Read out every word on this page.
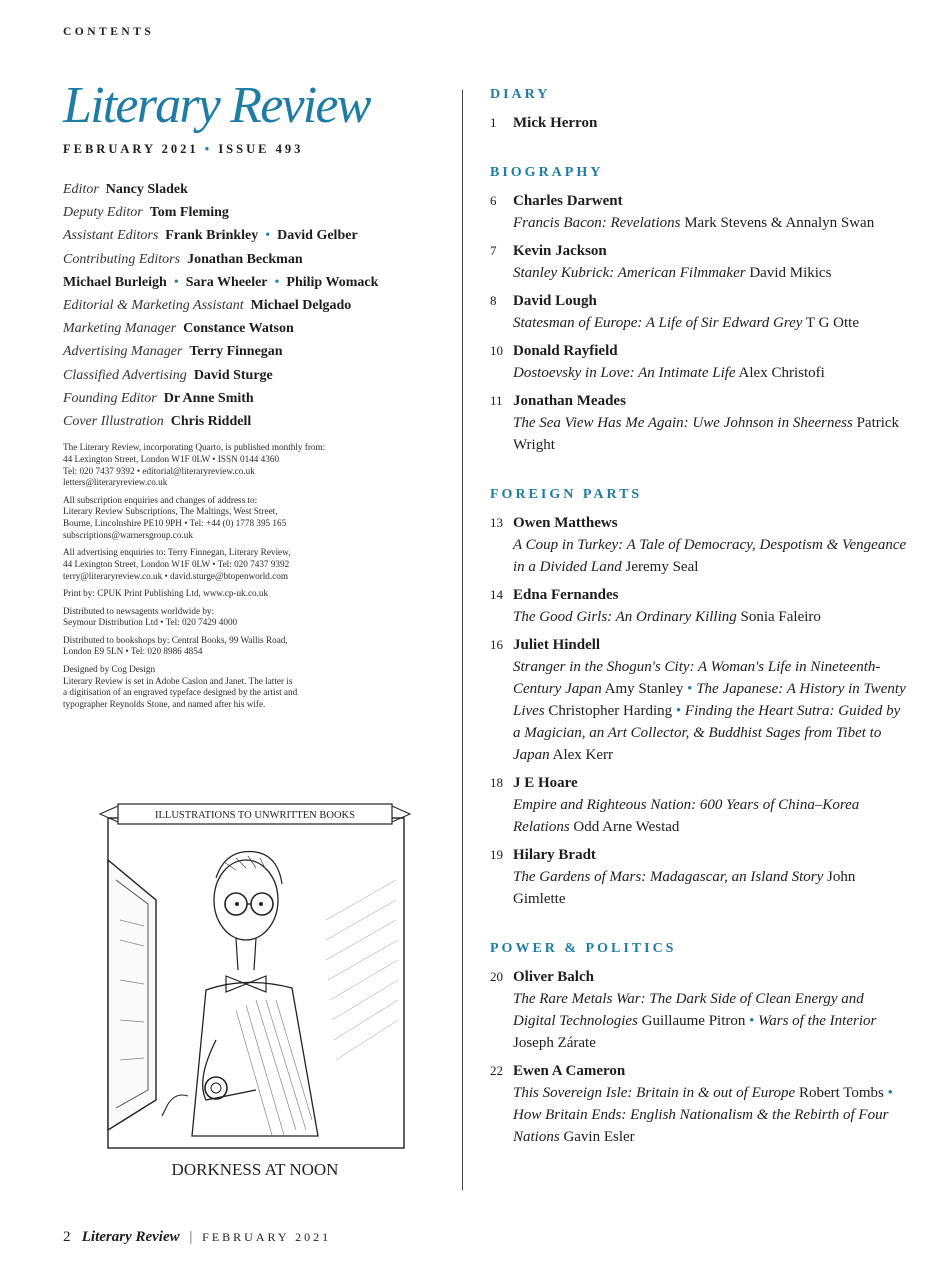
CONTENTS
Literary Review
FEBRUARY 2021 • ISSUE 493
Editor Nancy Sladek
Deputy Editor Tom Fleming
Assistant Editors Frank Brinkley  •  David Gelber
Contributing Editors Jonathan Beckman
Michael Burleigh  •  Sara Wheeler  •  Philip Womack
Editorial & Marketing Assistant Michael Delgado
Marketing Manager Constance Watson
Advertising Manager Terry Finnegan
Classified Advertising David Sturge
Founding Editor Dr Anne Smith
Cover Illustration Chris Riddell
The Literary Review, incorporating Quarto, is published monthly from:
44 Lexington Street, London W1F 0LW • ISSN 0144 4360
Tel: 020 7437 9392 • editorial@literaryreview.co.uk
letters@literaryreview.co.uk
All subscription enquiries and changes of address to:
Literary Review Subscriptions, The Maltings, West Street,
Bourne, Lincolnshire PE10 9PH • Tel: +44 (0) 1778 395 165
subscriptions@warnersgroup.co.uk
All advertising enquiries to: Terry Finnegan, Literary Review,
44 Lexington Street, London W1F 0LW • Tel: 020 7437 9392
terry@literaryreview.co.uk • david.sturge@btopenworld.com
Print by: CPUK Print Publishing Ltd, www.cp-uk.co.uk
Distributed to newsagents worldwide by:
Seymour Distribution Ltd • Tel: 020 7429 4000
Distributed to bookshops by: Central Books, 99 Wallis Road,
London E9 5LN • Tel: 020 8986 4854
Designed by Cog Design
Literary Review is set in Adobe Caslon and Janet. The latter is
a digitisation of an engraved typeface designed by the artist and
typographer Reynolds Stone, and named after his wife.
ILLUSTRATIONS TO UNWRITTEN BOOKS
DORKNESS AT NOON
DIARY
1 Mick Herron
BIOGRAPHY
6 Charles Darwent
Francis Bacon: Revelations Mark Stevens & Annalyn Swan
7 Kevin Jackson
Stanley Kubrick: American Filmmaker David Mikics
8 David Lough
Statesman of Europe: A Life of Sir Edward Grey T G Otte
10 Donald Rayfield
Dostoevsky in Love: An Intimate Life Alex Christofi
11 Jonathan Meades
The Sea View Has Me Again: Uwe Johnson in Sheerness Patrick Wright
FOREIGN PARTS
13 Owen Matthews
A Coup in Turkey: A Tale of Democracy, Despotism & Vengeance in a Divided Land Jeremy Seal
14 Edna Fernandes
The Good Girls: An Ordinary Killing Sonia Faleiro
16 Juliet Hindell
Stranger in the Shogun's City: A Woman's Life in Nineteenth-Century Japan Amy Stanley • The Japanese: A History in Twenty Lives Christopher Harding • Finding the Heart Sutra: Guided by a Magician, an Art Collector, & Buddhist Sages from Tibet to Japan Alex Kerr
18 J E Hoare
Empire and Righteous Nation: 600 Years of China–Korea Relations Odd Arne Westad
19 Hilary Bradt
The Gardens of Mars: Madagascar, an Island Story John Gimlette
POWER & POLITICS
20 Oliver Balch
The Rare Metals War: The Dark Side of Clean Energy and Digital Technologies Guillaume Pitron • Wars of the Interior Joseph Zárate
22 Ewen A Cameron
This Sovereign Isle: Britain in & out of Europe Robert Tombs • How Britain Ends: English Nationalism & the Rebirth of Four Nations Gavin Esler
2 Literary Review | FEBRUARY 2021
